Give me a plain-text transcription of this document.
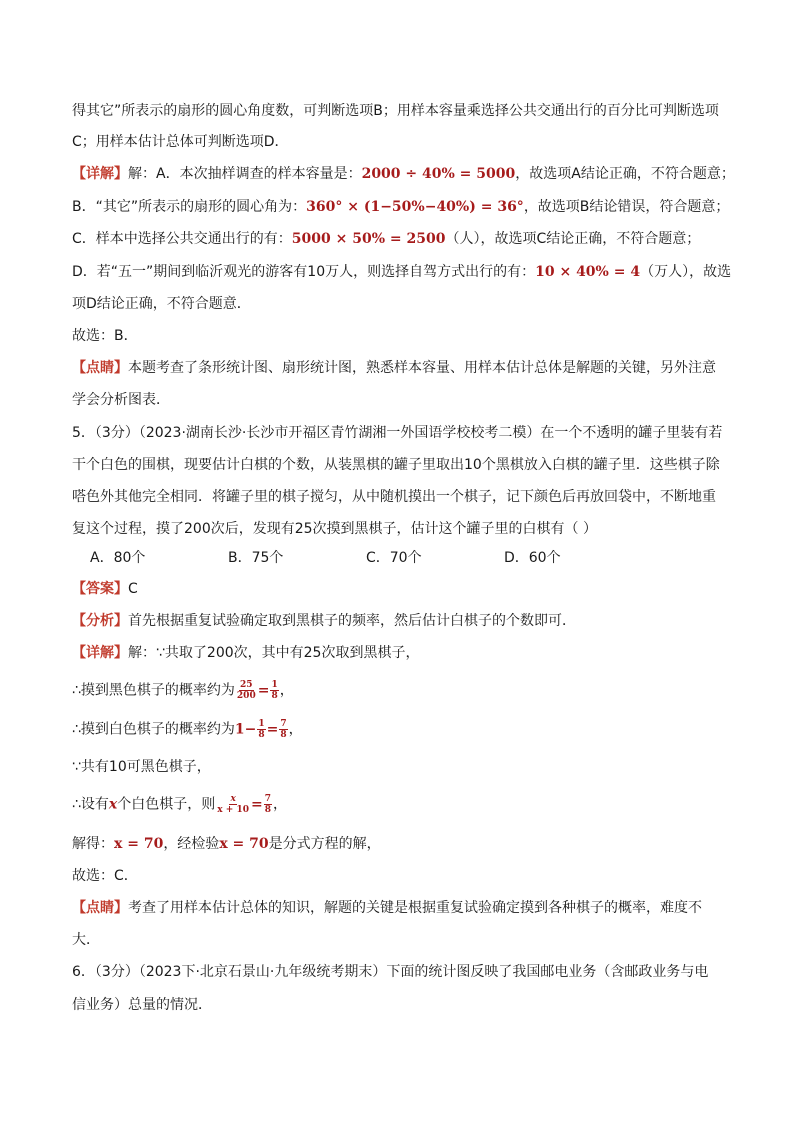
得其它”所表示的扇形的圆心角度数，可判断选项B；用样本容量乘选择公共交通出行的百分比可判断选项
C；用样本估计总体可判断选项D．
【详解】解：A．本次抽样调查的样本容量是：2000 ÷ 40% = 5000，故选项A结论正确，不符合题意；
B．“其它”所表示的扇形的圆心角为：360° × (1−50%−40%) = 36°，故选项B结论错误，符合题意；
C．样本中选择公共交通出行的有：5000 × 50% = 2500（人），故选项C结论正确，不符合题意；
D．若“五一”期间到临沂观光的游客有10万人，则选择自驾方式出行的有：10 × 40% = 4（万人），故选
项D结论正确，不符合题意．
故选：B．
【点睛】本题考查了条形统计图、扇形统计图，熟悉样本容量、用样本估计总体是解题的关键，另外注意
学会分析图表．
5．（3分）（2023·湖南长沙·长沙市开福区青竹湖湘一外国语学校校考二模）在一个不透明的罐子里装有若
干个白色的围棋，现要估计白棋的个数，从装黑棋的罐子里取出10个黑棋放入白棋的罐子里．这些棋子除
嗒色外其他完全相同．将罐子里的棋子搅匀，从中随机摸出一个棋子，记下颜色后再放回袋中，不断地重
复这个过程，摸了200次后，发现有25次摸到黑棋子，估计这个罐子里的白棋有（ ）
A．80个	B．75个	C．70个	D．60个
【答案】C
【分析】首先根据重复试验确定取到黑棋子的频率，然后估计白棋子的个数即可．
【详解】解：∵共取了200次，其中有25次取到黑棋子，
∴摸到黑色棋子的概率约为 $\frac{25}{200} = \frac{1}{8}$ ，
∴摸到白色棋子的概率约为$1- \frac{1}{8} = \frac{7}{8}$ ，
∵共有10可黑色棋子，
∴设有x个白色棋子，则 $\frac{x}{x + 10} = \frac{7}{8}$ ，
解得：x = 70，经检验x = 70是分式方程的解，
故选：C．
【点睛】考查了用样本估计总体的知识，解题的关键是根据重复试验确定摸到各种棋子的概率，难度不
大．
6．（3分）（2023下·北京石景山·九年级统考期末）下面的统计图反映了我国邮电业务（含邮政业务与电
信业务）总量的情况．
